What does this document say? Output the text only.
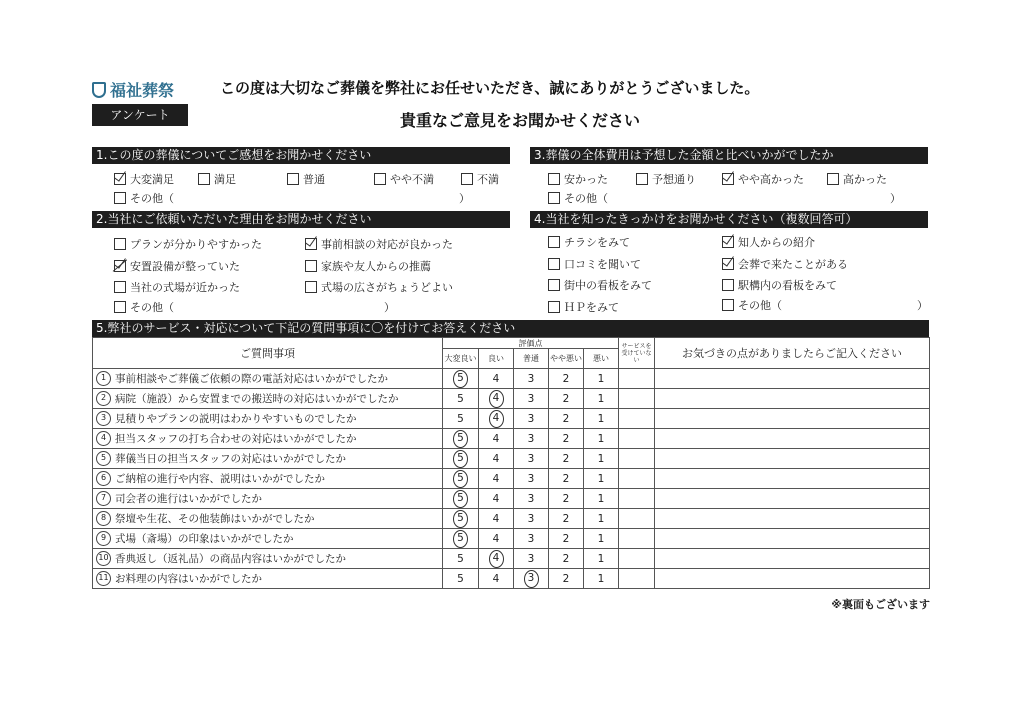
福祉葬祭
アンケート
この度は大切なご葬儀を弊社にお任せいただき、誠にありがとうございました。
貴重なご意見をお聞かせください
1.この度の葬儀についてご感想をお聞かせください
大変満足	満足	普通	やや不満	不満
その他（	）
2.当社にご依頼いただいた理由をお聞かせください
プランが分かりやすかった	事前相談の対応が良かった
安置設備が整っていた	家族や友人からの推薦
当社の式場が近かった	式場の広さがちょうどよい
その他（	）
3.葬儀の全体費用は予想した金額と比べいかがでしたか
安かった	予想通り	やや高かった	高かった
その他（	）
4.当社を知ったきっかけをお聞かせください（複数回答可）
チラシをみて	知人からの紹介
口コミを聞いて	会葬で来たことがある
街中の看板をみて	駅構内の看板をみて
ＨＰをみて	その他（	）
5.弊社のサービス・対応について下記の質問事項に〇を付けてお答えください
ご質問事項	評価点					サービスを受けていない	お気づきの点がありましたらご記入ください
	大変良い	良い	普通	やや悪い	悪い		
1 事前相談やご葬儀ご依頼の際の電話対応はいかがでしたか	5	4	3	2	1		
2 病院（施設）から安置までの搬送時の対応はいかがでしたか	5	4	3	2	1		
3 見積りやプランの説明はわかりやすいものでしたか	5	4	3	2	1		
4 担当スタッフの打ち合わせの対応はいかがでしたか	5	4	3	2	1		
5 葬儀当日の担当スタッフの対応はいかがでしたか	5	4	3	2	1		
6 ご納棺の進行や内容、説明はいかがでしたか	5	4	3	2	1		
7 司会者の進行はいかがでしたか	5	4	3	2	1		
8 祭壇や生花、その他装飾はいかがでしたか	5	4	3	2	1		
9 式場（斎場）の印象はいかがでしたか	5	4	3	2	1		
10 香典返し（返礼品）の商品内容はいかがでしたか	5	4	3	2	1		
11 お料理の内容はいかがでしたか	5	4	3	2	1		
※裏面もございます
